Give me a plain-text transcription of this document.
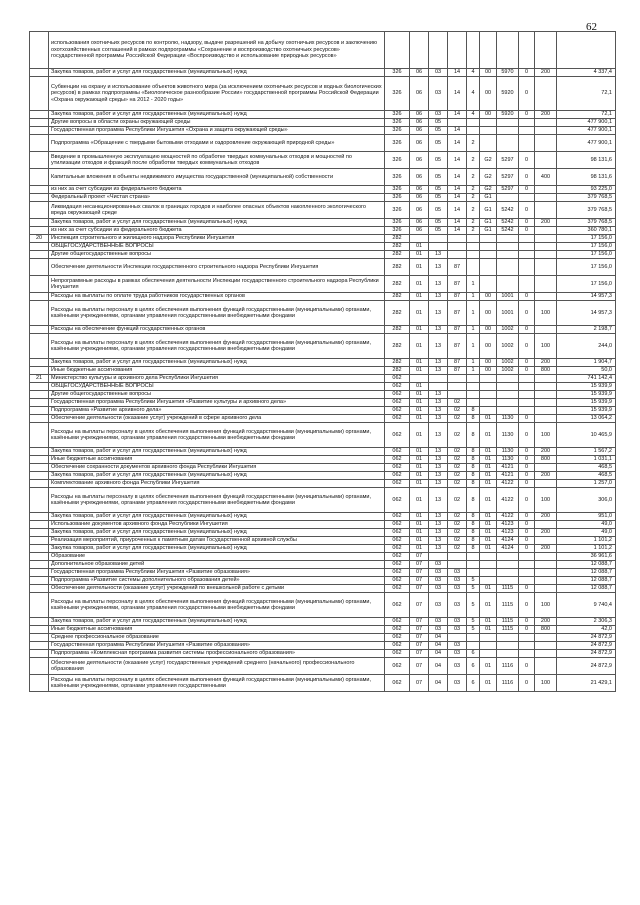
62
	использования охотничьих ресурсов по контролю, надзору, выдаче разрешений на добычу охотничьих ресурсов и заключению охотхозяйственных соглашений в рамках подпрограммы «Сохранение и воспроизводство охотничьих ресурсов» государственной программы Российской Федерации «Воспроизводство и использование природных ресурсов»										
	Закупка товаров, работ и услуг для государственных (муниципальных) нужд	326	06	03	14	4	00	5970	0	200	4 337,4
	Субвенции на охрану и использование объектов животного мира (за исключением охотничьих ресурсов и водных биологических ресурсов) в рамках подпрограммы «Биологическое разнообразие России» государственной программы Российской Федерации «Охрана окружающей среды» на 2012 - 2020 годы»	326	06	03	14	4	00	5920	0		72,1
	Закупка товаров, работ и услуг для государственных (муниципальных) нужд	326	06	03	14	4	00	5920	0	200	72,1
	Другие вопросы в области охраны окружающей среды	326	06	05							477 900,1
	Государственная программа Республики Ингушетия «Охрана и защита окружающей среды»	326	06	05	14						477 900,1
	Подпрограмма «Обращение с твердыми бытовыми отходами и оздоровление окружающей природной среды»	326	06	05	14	2					477 900,1
	Введение в промышленную эксплуатацию мощностей по обработке твердых коммунальных отходов и мощностей по утилизации отходов и фракций после обработки твердых коммунальных отходов	326	06	05	14	2	G2	5297	0		98 131,6
	Капитальные вложения в объекты недвижимого имущества государственной (муниципальной) собственности	326	06	05	14	2	G2	5297	0	400	98 131,6
	из них за счет субсидии из федерального бюджета	326	06	05	14	2	G2	5297	0		93 225,0
	Федеральный проект «Чистая страна»	326	06	05	14	2	G1				379 768,5
	Ликвидация несанкционированных свалок в границах городов и наиболее опасных объектов накопленного экологического вреда окружающей среде	326	06	05	14	2	G1	5242	0		379 768,5
	Закупка товаров, работ и услуг для государственных (муниципальных) нужд	326	06	05	14	2	G1	5242	0	200	379 768,5
	из них за счет субсидии из федерального бюджета	326	06	05	14	2	G1	5242	0		360 780,1
20	Инспекция строительного и жилищного надзора Республики Ингушетия	282									17 156,0
	ОБЩЕГОСУДАРСТВЕННЫЕ ВОПРОСЫ	282	01								17 156,0
	Другие общегосударственные вопросы	282	01	13							17 156,0
	Обеспечение деятельности Инспекции государственного строительного надзора Республики Ингушетия	282	01	13	87						17 156,0
	Непрограммные расходы в рамках обеспечения деятельности Инспекции государственного строительного надзора Республики Ингушетия	282	01	13	87	1					17 156,0
	Расходы на выплаты по оплате труда работников государственных органов	282	01	13	87	1	00	1001	0		14 957,3
	Расходы на выплаты персоналу в целях обеспечения выполнения функций государственными (муниципальными) органами, казёнными учреждениями, органами управления государственными внебюджетными фондами	282	01	13	87	1	00	1001	0	100	14 957,3
	Расходы на обеспечение функций государственных органов	282	01	13	87	1	00	1002	0		2 198,7
	Расходы на выплаты персоналу в целях обеспечения выполнения функций государственными (муниципальными) органами, казёнными учреждениями, органами управления государственными внебюджетными фондами	282	01	13	87	1	00	1002	0	100	244,0
	Закупка товаров, работ и услуг для государственных (муниципальных) нужд	282	01	13	87	1	00	1002	0	200	1 904,7
	Иные бюджетные ассигнования	282	01	13	87	1	00	1002	0	800	50,0
21	Министерство культуры и архивного дела Республики Ингушетия	062									741 142,4
	ОБЩЕГОСУДАРСТВЕННЫЕ ВОПРОСЫ	062	01								15 939,9
	Другие общегосударственные вопросы	062	01	13							15 939,9
	Государственная программа Республики Ингушетия «Развитие культуры и архивного дела»	062	01	13	02						15 939,9
	Подпрограмма «Развитие архивного дела»	062	01	13	02	8					15 939,9
	Обеспечение деятельности (оказание услуг) учреждений в сфере архивного дела	062	01	13	02	8	01	1130	0		13 064,2
	Расходы на выплаты персоналу в целях обеспечения выполнения функций государственными (муниципальными) органами, казёнными учреждениями, органами управления государственными внебюджетными фондами	062	01	13	02	8	01	1130	0	100	10 465,9
	Закупка товаров, работ и услуг для государственных (муниципальных) нужд	062	01	13	02	8	01	1130	0	200	1 567,2
	Иные бюджетные ассигнования	062	01	13	02	8	01	1130	0	800	1 031,1
	Обеспечение сохранности документов архивного фонда Республики Ингушетия	062	01	13	02	8	01	4121	0		468,5
	Закупка товаров, работ и услуг для государственных (муниципальных) нужд	062	01	13	02	8	01	4121	0	200	468,5
	Комплектование архивного фонда Республики Ингушетия	062	01	13	02	8	01	4122	0		1 257,0
	Расходы на выплаты персоналу в целях обеспечения выполнения функций государственными (муниципальными) органами, казёнными учреждениями, органами управления государственными внебюджетными фондами	062	01	13	02	8	01	4122	0	100	306,0
	Закупка товаров, работ и услуг для государственных (муниципальных) нужд	062	01	13	02	8	01	4122	0	200	951,0
	Использование документов архивного фонда Республики Ингушетия	062	01	13	02	8	01	4123	0		49,0
	Закупка товаров, работ и услуг для государственных (муниципальных) нужд	062	01	13	02	8	01	4123	0	200	49,0
	Реализация мероприятий, приуроченных к памятным датам Государственной архивной службы	062	01	13	02	8	01	4124	0		1 101,2
	Закупка товаров, работ и услуг для государственных (муниципальных) нужд	062	01	13	02	8	01	4124	0	200	1 101,2
	Образование	062	07								36 961,6
	Дополнительное образование детей	062	07	03							12 088,7
	Государственная программа Республики Ингушетия «Развитие образования»	062	07	03	03						12 088,7
	Подпрограмма «Развитие системы дополнительного образования детей»	062	07	03	03	5					12 088,7
	Обеспечение деятельности (оказание услуг) учреждений по внешкольной работе с детьми	062	07	03	03	5	01	1115	0		12 088,7
	Расходы на выплаты персоналу в целях обеспечения выполнения функций государственными (муниципальными) органами, казёнными учреждениями, органами управления государственными внебюджетными фондами	062	07	03	03	5	01	1115	0	100	9 740,4
	Закупка товаров, работ и услуг для государственных (муниципальных) нужд	062	07	03	03	5	01	1115	0	200	2 306,3
	Иные бюджетные ассигнования	062	07	03	03	5	01	1115	0	800	42,0
	Среднее профессиональное образование	062	07	04							24 872,9
	Государственная программа Республики Ингушетия «Развитие образования»	062	07	04	03						24 872,9
	Подпрограмма «Комплексная программа развития системы профессионального образования»	062	07	04	03	6					24 872,9
	Обеспечение деятельности (оказание услуг) государственных учреждений среднего (начального) профессионального образования	062	07	04	03	6	01	1116	0		24 872,9
	Расходы на выплаты персоналу в целях обеспечения выполнения функций государственными (муниципальными) органами, казёнными учреждениями, органами управления государственными	062	07	04	03	6	01	1116	0	100	21 429,1
